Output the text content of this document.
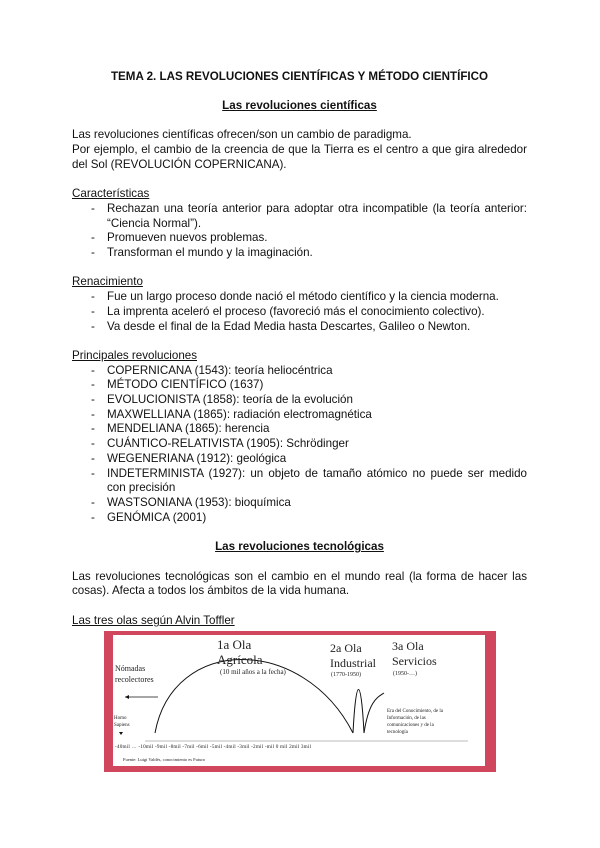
TEMA 2. LAS REVOLUCIONES CIENTÍFICAS Y MÉTODO CIENTÍFICO
Las revoluciones científicas

Las revoluciones científicas ofrecen/son un cambio de paradigma.

Por ejemplo, el cambio de la creencia de que la Tierra es el centro a que gira alrededor del Sol (REVOLUCIÓN COPERNICANA).

Características
- Rechazan una teoría anterior para adoptar otra incompatible (la teoría anterior: “Ciencia Normal”).
- Promueven nuevos problemas.
- Transforman el mundo y la imaginación.
Renacimiento
- Fue un largo proceso donde nació el método científico y la ciencia moderna.
- La imprenta aceleró el proceso (favoreció más el conocimiento colectivo).
- Va desde el final de la Edad Media hasta Descartes, Galileo o Newton.
Principales revoluciones
- COPERNICANA (1543): teoría heliocéntrica
- MÉTODO CIENTÍFICO (1637)
- EVOLUCIONISTA (1858): teoría de la evolución
- MAXWELLIANA (1865): radiación electromagnética
- MENDELIANA (1865): herencia
- CUÁNTICO-RELATIVISTA (1905): Schrödinger
- WEGENERIANA (1912): geológica
- INDETERMINISTA (1927): un objeto de tamaño atómico no puede ser medido con precisión
- WASTSONIANA (1953): bioquímica
- GENÓMICA (2001)
Las revoluciones tecnológicas

Las revoluciones tecnológicas son el cambio en el mundo real (la forma de hacer las cosas). Afecta a todos los ámbitos de la vida humana.

Las tres olas según Alvin Toffler
1a Ola
Agrícola
(10 mil años a la fecha)
2a Ola
Industrial
(1770-1950)
3a Ola
Servicios
(1950-…)
Nómadas recolectores
Homo Sapiens
Era del Conocimiento, de la Información, de las comunicaciones y de la tecnología
-40mil … -10mil -9mil -8mil -7mil -6mil -5mil -4mil -3mil -2mil -mil 0 mil 2mil 3mil
Fuente: Luigi Valdés, conocimiento es Futuro
